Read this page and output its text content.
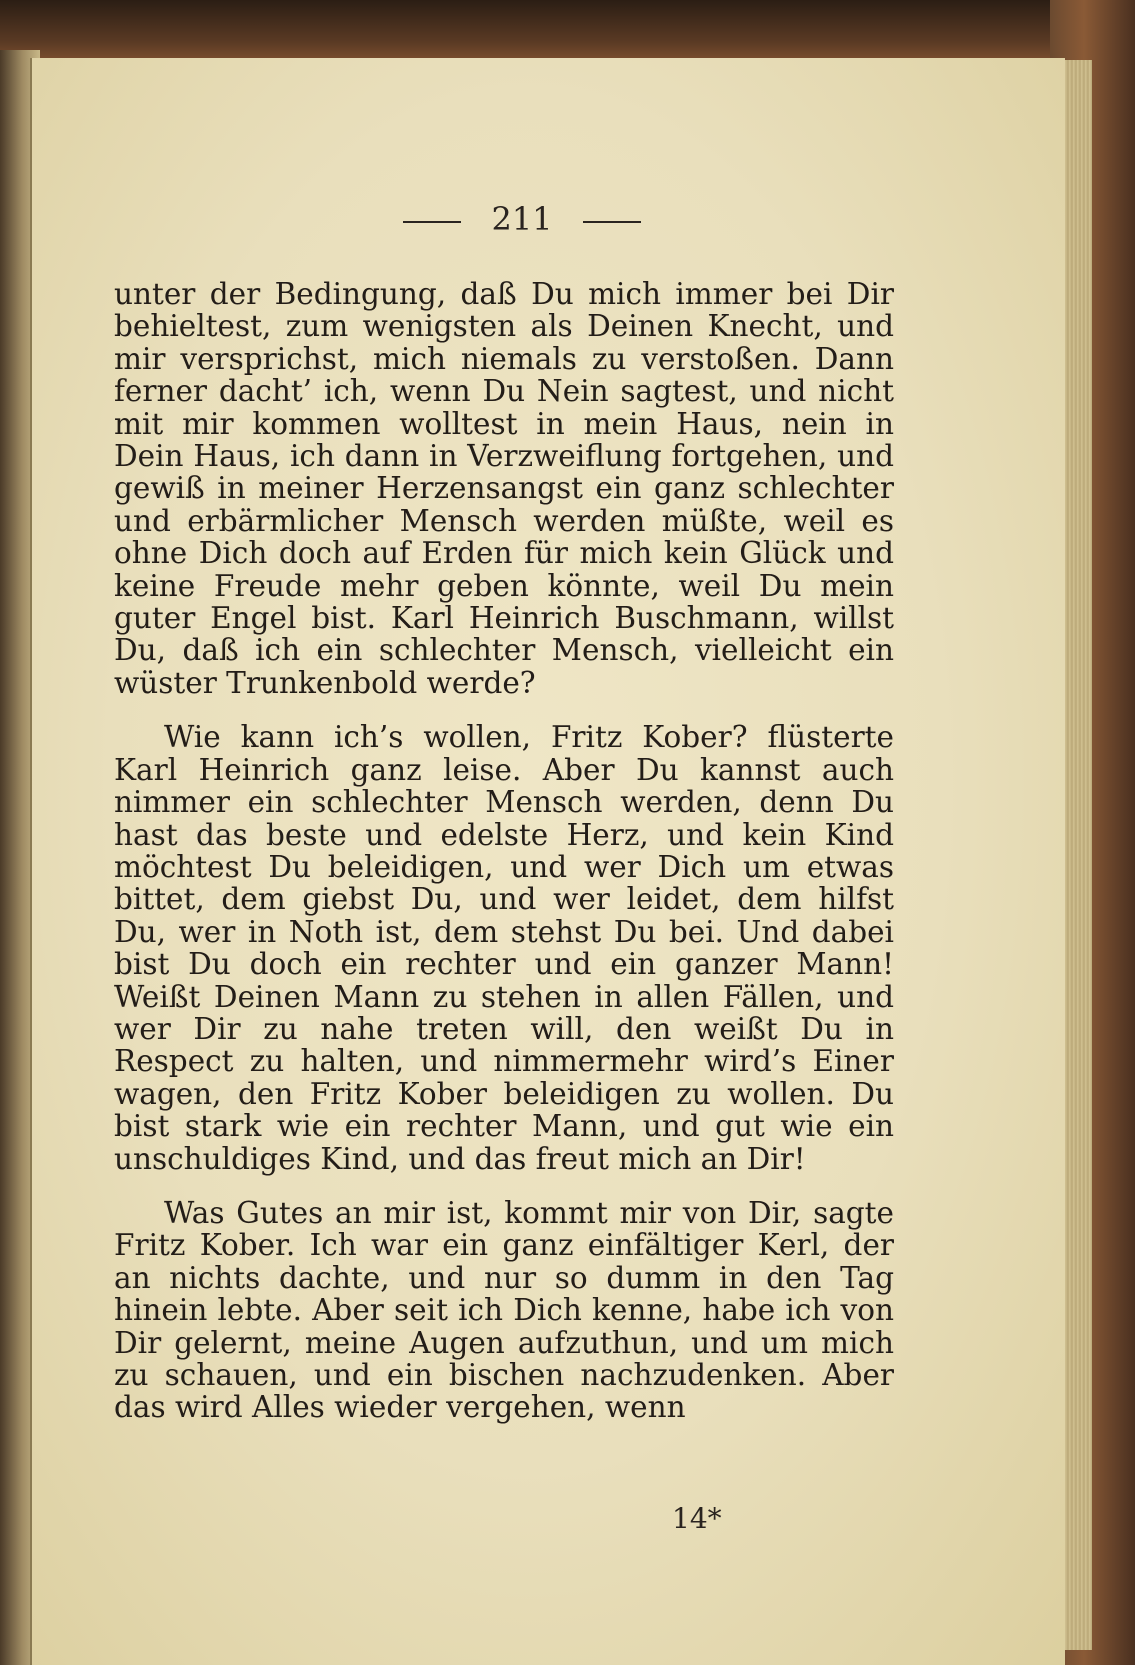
211

unter der Bedingung, daß Du mich immer bei Dir behieltest, zum wenigsten als Deinen Knecht, und mir versprichst, mich niemals zu verstoßen. Dann ferner dacht’ ich, wenn Du Nein sagtest, und nicht mit mir kommen wolltest in mein Haus, nein in Dein Haus, ich dann in Verzweiflung fortgehen, und gewiß in meiner Herzensangst ein ganz schlechter und erbärmlicher Mensch werden müßte, weil es ohne Dich doch auf Erden für mich kein Glück und keine Freude mehr geben könnte, weil Du mein guter Engel bist. Karl Heinrich Buschmann, willst Du, daß ich ein schlechter Mensch, vielleicht ein wüster Trunkenbold werde?

Wie kann ich’s wollen, Fritz Kober? flüsterte Karl Heinrich ganz leise. Aber Du kannst auch nimmer ein schlechter Mensch werden, denn Du hast das beste und edelste Herz, und kein Kind möchtest Du beleidigen, und wer Dich um etwas bittet, dem giebst Du, und wer leidet, dem hilfst Du, wer in Noth ist, dem stehst Du bei. Und dabei bist Du doch ein rechter und ein ganzer Mann! Weißt Deinen Mann zu stehen in allen Fällen, und wer Dir zu nahe treten will, den weißt Du in Respect zu halten, und nimmermehr wird’s Einer wagen, den Fritz Kober beleidigen zu wollen. Du bist stark wie ein rechter Mann, und gut wie ein unschuldiges Kind, und das freut mich an Dir!

Was Gutes an mir ist, kommt mir von Dir, sagte Fritz Kober. Ich war ein ganz einfältiger Kerl, der an nichts dachte, und nur so dumm in den Tag hinein lebte. Aber seit ich Dich kenne, habe ich von Dir gelernt, meine Augen aufzuthun, und um mich zu schauen, und ein bischen nachzudenken. Aber das wird Alles wieder vergehen, wenn

14*
